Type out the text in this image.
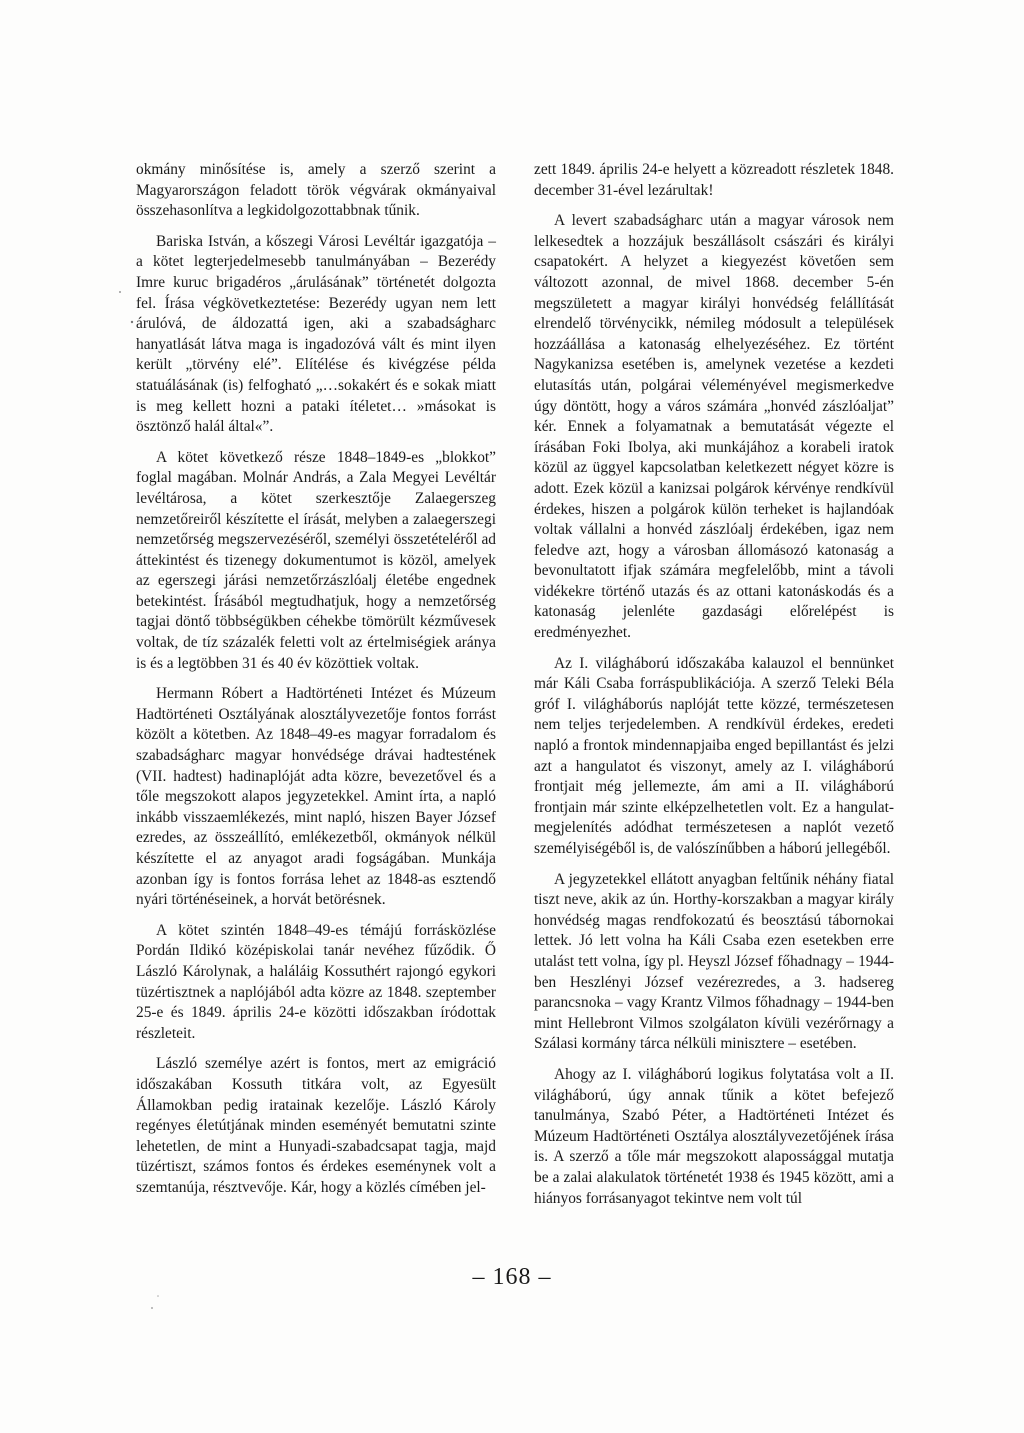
okmány minősítése is, amely a szerző szerint a Magyarországon feladott török végvárak okmányaival összehasonlítva a legkidolgozottabbnak tűnik.

Bariska István, a kőszegi Városi Levéltár igazgatója – a kötet legterjedelmesebb tanulmányában – Bezerédy Imre kuruc brigadéros „árulásának” történetét dolgozta fel. Írása végkövetkeztetése: Bezerédy ugyan nem lett árulóvá, de áldozattá igen, aki a szabadságharc hanyatlását látva maga is ingadozóvá vált és mint ilyen került „törvény elé”. Elítélése és kivégzése példa statuálásának (is) felfogható „…sokakért és e sokak miatt is meg kellett hozni a pataki ítéletet… »másokat is ösztönző halál által«”.

A kötet következő része 1848–1849-es „blokkot” foglal magában. Molnár András, a Zala Megyei Levéltár levéltárosa, a kötet szerkesztője Zalaegerszeg nemzetőreiről készítette el írását, melyben a zalaegerszegi nemzetőrség megszervezéséről, személyi összetételéről ad áttekintést és tizenegy dokumentumot is közöl, amelyek az egerszegi járási nemzetőrzászlóalj életébe engednek betekintést. Írásából megtudhatjuk, hogy a nemzetőrség tagjai döntő többségükben céhekbe tömörült kézművesek voltak, de tíz százalék feletti volt az értelmiségiek aránya is és a legtöbben 31 és 40 év közöttiek voltak.

Hermann Róbert a Hadtörténeti Intézet és Múzeum Hadtörténeti Osztályának alosztályvezetője fontos forrást közölt a kötetben. Az 1848–49-es magyar forradalom és szabadságharc magyar honvédsége drávai hadtestének (VII. hadtest) hadinaplóját adta közre, bevezetővel és a tőle megszokott alapos jegyzetekkel. Amint írta, a napló inkább visszaemlékezés, mint napló, hiszen Bayer József ezredes, az összeállító, emlékezetből, okmányok nélkül készítette el az anyagot aradi fogságában. Munkája azonban így is fontos forrása lehet az 1848-as esztendő nyári történéseinek, a horvát betörésnek.

A kötet szintén 1848–49-es témájú forrásközlése Pordán Ildikó középiskolai tanár nevéhez fűződik. Ő László Károlynak, a haláláig Kossuthért rajongó egykori tüzértisztnek a naplójából adta közre az 1848. szeptember 25-e és 1849. április 24-e közötti időszakban íródottak részleteit.

László személye azért is fontos, mert az emigráció időszakában Kossuth titkára volt, az Egyesült Államokban pedig iratainak kezelője. László Károly regényes életútjának minden eseményét bemutatni szinte lehetetlen, de mint a Hunyadi-szabadcsapat tagja, majd tüzértiszt, számos fontos és érdekes eseménynek volt a szemtanúja, résztvevője. Kár, hogy a közlés címében jel-

zett 1849. április 24-e helyett a közreadott részletek 1848. december 31-ével lezárultak!

A levert szabadságharc után a magyar városok nem lelkesedtek a hozzájuk beszállásolt császári és királyi csapatokért. A helyzet a kiegyezést követően sem változott azonnal, de mivel 1868. december 5-én megszületett a magyar királyi honvédség felállítását elrendelő törvénycikk, némileg módosult a települések hozzáállása a katonaság elhelyezéséhez. Ez történt Nagykanizsa esetében is, amelynek vezetése a kezdeti elutasítás után, polgárai véleményével megismerkedve úgy döntött, hogy a város számára „honvéd zászlóaljat” kér. Ennek a folyamatnak a bemutatását végezte el írásában Foki Ibolya, aki munkájához a korabeli iratok közül az üggyel kapcsolatban keletkezett négyet közre is adott. Ezek közül a kanizsai polgárok kérvénye rendkívül érdekes, hiszen a polgárok külön terheket is hajlandóak voltak vállalni a honvéd zászlóalj érdekében, igaz nem feledve azt, hogy a városban állomásozó katonaság a bevonultatott ifjak számára megfelelőbb, mint a távoli vidékekre történő utazás és az ottani katonáskodás és a katonaság jelenléte gazdasági előrelépést is eredményezhet.

Az I. világháború időszakába kalauzol el bennünket már Káli Csaba forráspublikációja. A szerző Teleki Béla gróf I. világháborús naplóját tette közzé, természetesen nem teljes terjedelemben. A rendkívül érdekes, eredeti napló a frontok mindennapjaiba enged bepillantást és jelzi azt a hangulatot és viszonyt, amely az I. világháború frontjait még jellemezte, ám ami a II. világháború frontjain már szinte elképzelhetetlen volt. Ez a hangulat-megjelenítés adódhat természetesen a naplót vezető személyiségéből is, de valószínűbben a háború jellegéből.

A jegyzetekkel ellátott anyagban feltűnik néhány fiatal tiszt neve, akik az ún. Horthy-korszakban a magyar király honvédség magas rendfokozatú és beosztású tábornokai lettek. Jó lett volna ha Káli Csaba ezen esetekben erre utalást tett volna, így pl. Heyszl József főhadnagy – 1944-ben Heszlényi József vezérezredes, a 3. hadsereg parancsnoka – vagy Krantz Vilmos főhadnagy – 1944-ben mint Hellebront Vilmos szolgálaton kívüli vezérőrnagy a Szálasi kormány tárca nélküli minisztere – esetében.

Ahogy az I. világháború logikus folytatása volt a II. világháború, úgy annak tűnik a kötet befejező tanulmánya, Szabó Péter, a Hadtörténeti Intézet és Múzeum Hadtörténeti Osztálya alosztályvezetőjének írása is. A szerző a tőle már megszokott alapossággal mutatja be a zalai alakulatok történetét 1938 és 1945 között, ami a hiányos forrásanyagot tekintve nem volt túl

– 168 –
